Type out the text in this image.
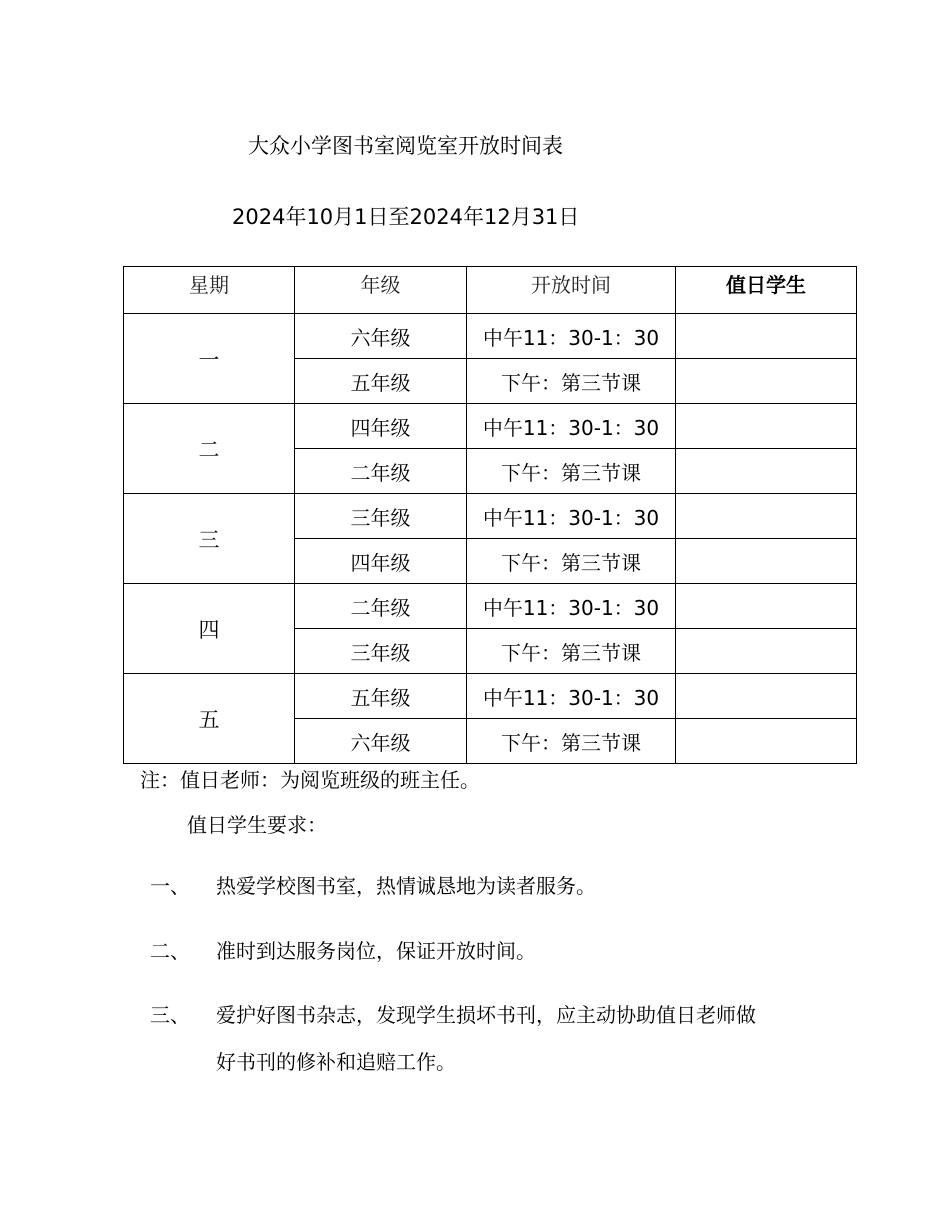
大众小学图书室阅览室开放时间表
2024年10月1日至2024年12月31日
星期	年级	开放时间	值日学生
一	六年级	中午11：30-1：30	
	五年级	下午：第三节课	
二	四年级	中午11：30-1：30	
	二年级	下午：第三节课	
三	三年级	中午11：30-1：30	
	四年级	下午：第三节课	
四	二年级	中午11：30-1：30	
	三年级	下午：第三节课	
五	五年级	中午11：30-1：30	
	六年级	下午：第三节课	
注：值日老师：为阅览班级的班主任。
值日学生要求：
一、 热爱学校图书室，热情诚恳地为读者服务。
二、 准时到达服务岗位，保证开放时间。
三、 爱护好图书杂志，发现学生损坏书刊，应主动协助值日老师做
好书刊的修补和追赔工作。
